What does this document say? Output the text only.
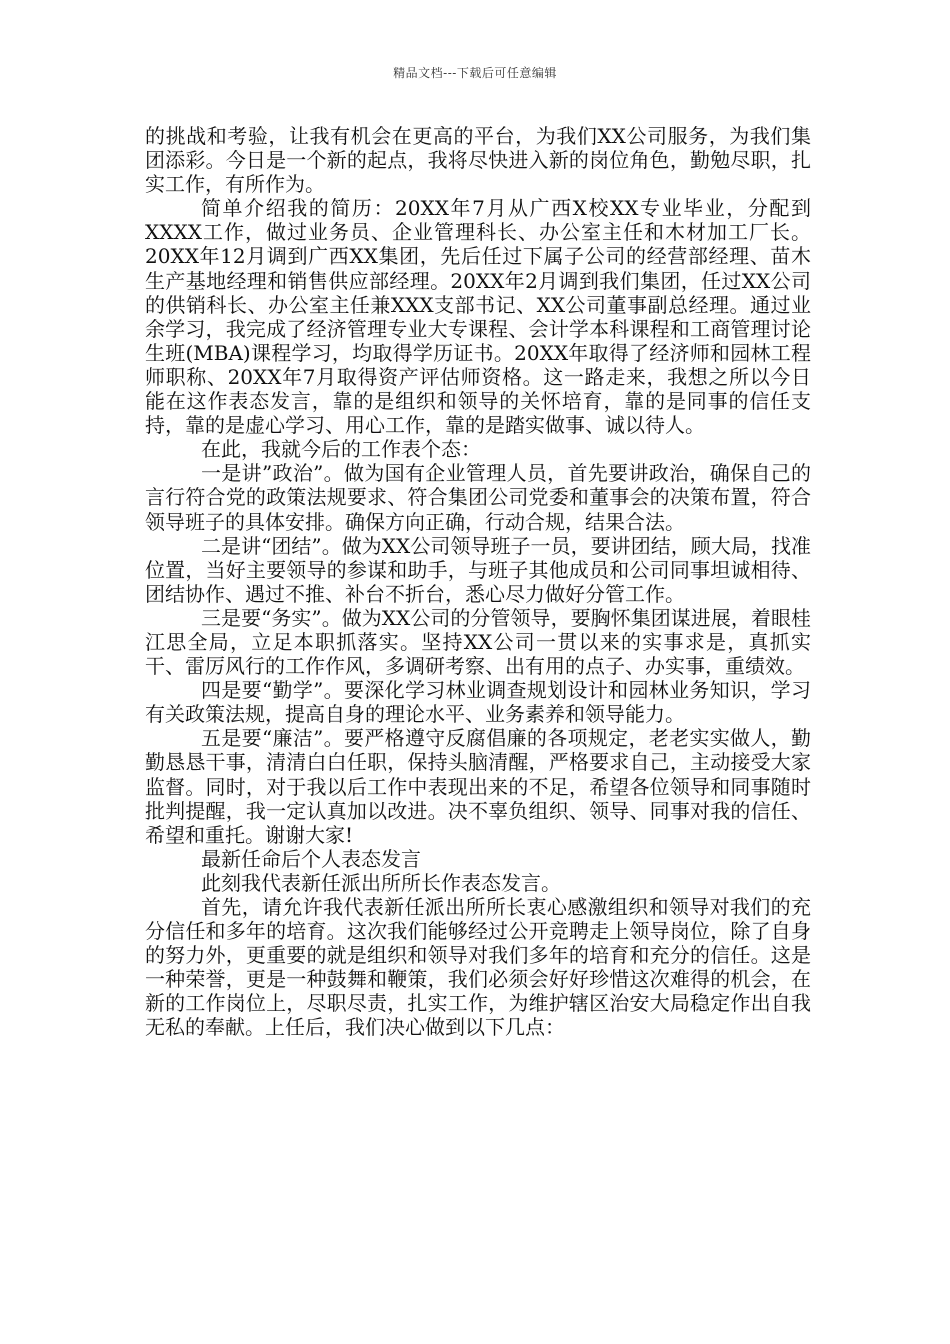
精品文档---下载后可任意编辑

的挑战和考验，让我有机会在更高的平台，为我们XX公司服务，为我们集团添彩。今日是一个新的起点，我将尽快进入新的岗位角色，勤勉尽职，扎实工作，有所作为。

简单介绍我的简历：20XX年7月从广西X校XX专业毕业，分配到XXXX工作，做过业务员、企业管理科长、办公室主任和木材加工厂长。20XX年12月调到广西XX集团，先后任过下属子公司的经营部经理、苗木生产基地经理和销售供应部经理。20XX年2月调到我们集团，任过XX公司的供销科长、办公室主任兼XXX支部书记、XX公司董事副总经理。通过业余学习，我完成了经济管理专业大专课程、会计学本科课程和工商管理讨论生班(MBA)课程学习，均取得学历证书。20XX年取得了经济师和园林工程师职称、20XX年7月取得资产评估师资格。这一路走来，我想之所以今日能在这作表态发言，靠的是组织和领导的关怀培育，靠的是同事的信任支持，靠的是虚心学习、用心工作，靠的是踏实做事、诚以待人。

在此，我就今后的工作表个态：

一是讲”政治”。做为国有企业管理人员，首先要讲政治，确保自己的言行符合党的政策法规要求、符合集团公司党委和董事会的决策布置，符合领导班子的具体安排。确保方向正确，行动合规，结果合法。

二是讲“团结”。做为XX公司领导班子一员，要讲团结，顾大局，找准位置，当好主要领导的参谋和助手，与班子其他成员和公司同事坦诚相待、团结协作、遇过不推、补台不折台，悉心尽力做好分管工作。

三是要“务实”。做为XX公司的分管领导，要胸怀集团谋进展，着眼桂江思全局，立足本职抓落实。坚持XX公司一贯以来的实事求是，真抓实干、雷厉风行的工作作风，多调研考察、出有用的点子、办实事，重绩效。

四是要“勤学”。要深化学习林业调查规划设计和园林业务知识，学习有关政策法规，提高自身的理论水平、业务素养和领导能力。

五是要“廉洁”。要严格遵守反腐倡廉的各项规定，老老实实做人，勤勤恳恳干事，清清白白任职，保持头脑清醒，严格要求自己，主动接受大家监督。同时，对于我以后工作中表现出来的不足，希望各位领导和同事随时批判提醒，我一定认真加以改进。决不辜负组织、领导、同事对我的信任、希望和重托。谢谢大家!

最新任命后个人表态发言

此刻我代表新任派出所所长作表态发言。

首先，请允许我代表新任派出所所长衷心感激组织和领导对我们的充分信任和多年的培育。这次我们能够经过公开竞聘走上领导岗位，除了自身的努力外，更重要的就是组织和领导对我们多年的培育和充分的信任。这是一种荣誉，更是一种鼓舞和鞭策，我们必须会好好珍惜这次难得的机会，在新的工作岗位上，尽职尽责，扎实工作，为维护辖区治安大局稳定作出自我无私的奉献。上任后，我们决心做到以下几点：
